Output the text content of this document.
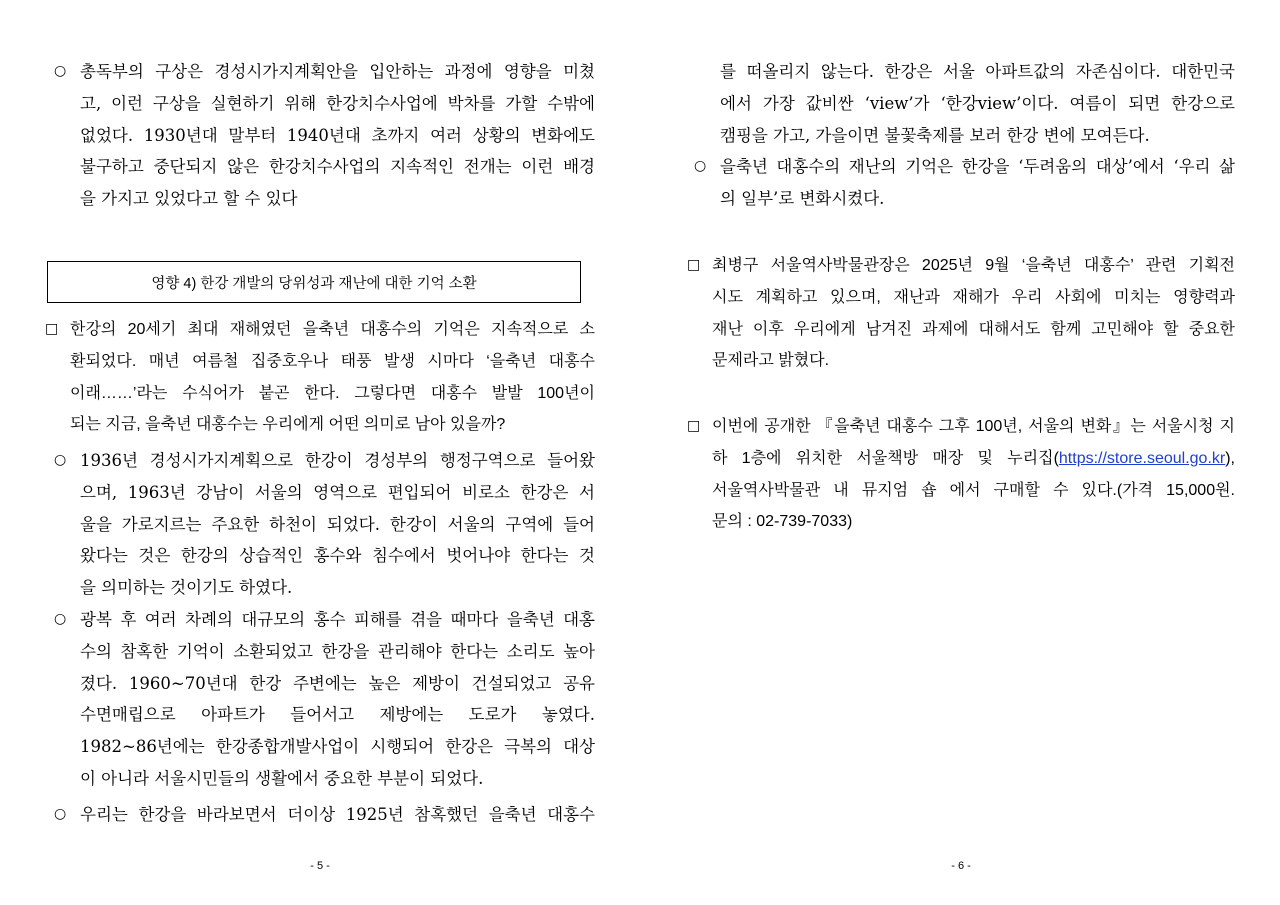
○ 총독부의 구상은 경성시가지계획안을 입안하는 과정에 영향을 미쳤
고, 이런 구상을 실현하기 위해 한강치수사업에 박차를 가할 수밖에
없었다. 1930년대 말부터 1940년대 초까지 여러 상황의 변화에도
불구하고 중단되지 않은 한강치수사업의 지속적인 전개는 이런 배경
을 가지고 있었다고 할 수 있다
영향 4) 한강 개발의 당위성과 재난에 대한 기억 소환
□ 한강의 20세기 최대 재해였던 을축년 대홍수의 기억은 지속적으로 소
환되었다. 매년 여름철 집중호우나 태풍 발생 시마다 ‘을축년 대홍수
이래……’라는 수식어가 붙곤 한다. 그렇다면 대홍수 발발 100년이
되는 지금, 을축년 대홍수는 우리에게 어떤 의미로 남아 있을까?
○ 1936년 경성시가지계획으로 한강이 경성부의 행정구역으로 들어왔
으며, 1963년 강남이 서울의 영역으로 편입되어 비로소 한강은 서
울을 가로지르는 주요한 하천이 되었다. 한강이 서울의 구역에 들어
왔다는 것은 한강의 상습적인 홍수와 침수에서 벗어나야 한다는 것
을 의미하는 것이기도 하였다.
○ 광복 후 여러 차례의 대규모의 홍수 피해를 겪을 때마다 을축년 대홍
수의 참혹한 기억이 소환되었고 한강을 관리해야 한다는 소리도 높아
졌다. 1960~70년대 한강 주변에는 높은 제방이 건설되었고 공유
수면매립으로 아파트가 들어서고 제방에는 도로가 놓였다.
1982~86년에는 한강종합개발사업이 시행되어 한강은 극복의 대상
이 아니라 서울시민들의 생활에서 중요한 부분이 되었다.
○ 우리는 한강을 바라보면서 더이상 1925년 참혹했던 을축년 대홍수
- 5 -
를 떠올리지 않는다. 한강은 서울 아파트값의 자존심이다. 대한민국
에서 가장 값비싼 ‘view’가 ‘한강view’이다. 여름이 되면 한강으로
캠핑을 가고, 가을이면 불꽃축제를 보러 한강 변에 모여든다.
○ 을축년 대홍수의 재난의 기억은 한강을 ‘두려움의 대상’에서 ‘우리 삶
의 일부’로 변화시켰다.
□ 최병구 서울역사박물관장은 2025년 9월 ‘을축년 대홍수’ 관련 기획전
시도 계획하고 있으며, 재난과 재해가 우리 사회에 미치는 영향력과
재난 이후 우리에게 남겨진 과제에 대해서도 함께 고민해야 할 중요한
문제라고 밝혔다.
□ 이번에 공개한 『을축년 대홍수 그후 100년, 서울의 변화』는 서울시청 지
하 1층에 위치한 서울책방 매장 및 누리집(https://store.seoul.go.kr),
서울역사박물관 내 뮤지엄 숍 에서 구매할 수 있다.(가격 15,000원.
문의 : 02-739-7033)
- 6 -
